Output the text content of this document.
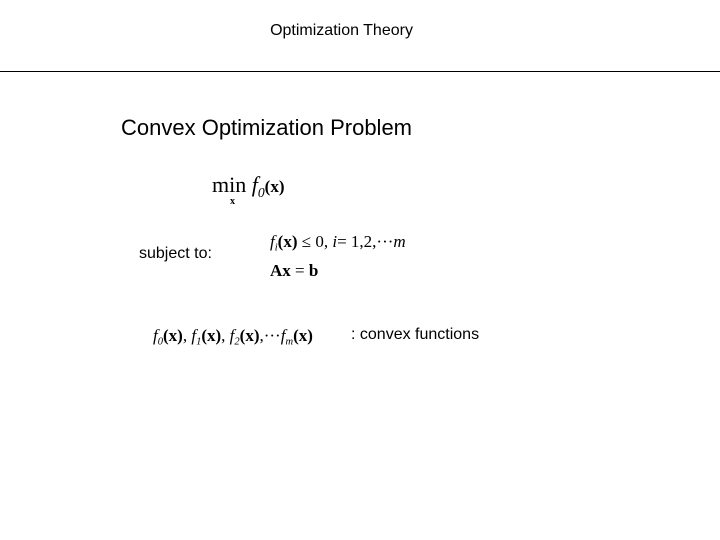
Optimization Theory
Convex Optimization Problem
$\min f_0(x)$
x
subject to:
$f_i(x) \le 0$, i= 1,2,···m
Ax = b
$f_0(x)$, $f_1(x)$, $f_2(x),\cdot\cdot\cdot f_m(x)$ : convex functions
